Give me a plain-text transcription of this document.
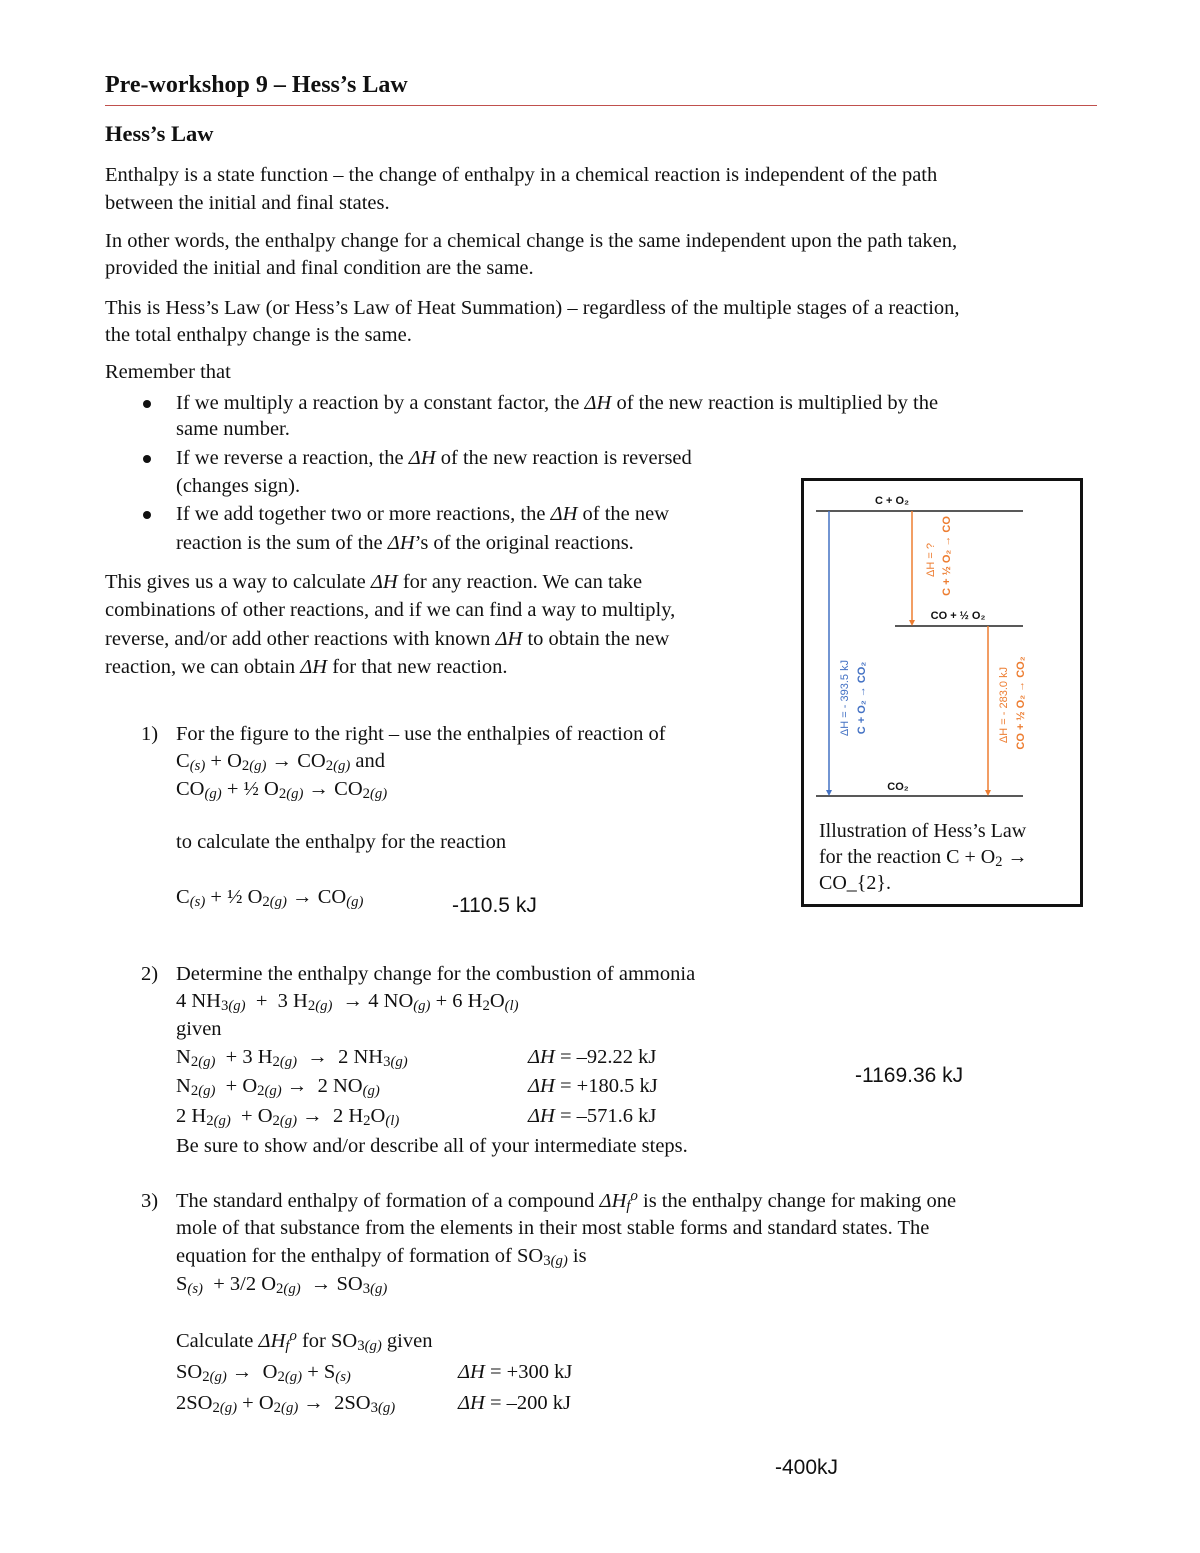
Pre-workshop 9 – Hess’s Law
Hess’s Law
Enthalpy is a state function – the change of enthalpy in a chemical reaction is independent of the path
between the initial and final states.
In other words, the enthalpy change for a chemical change is the same independent upon the path taken,
provided the initial and final condition are the same.
This is Hess’s Law (or Hess’s Law of Heat Summation) – regardless of the multiple stages of a reaction,
the total enthalpy change is the same.
Remember that
If we multiply a reaction by a constant factor, the ΔH of the new reaction is multiplied by the
same number.
If we reverse a reaction, the ΔH of the new reaction is reversed
(changes sign).
If we add together two or more reactions, the ΔH of the new
reaction is the sum of the ΔH’s of the original reactions.
This gives us a way to calculate ΔH for any reaction. We can take
combinations of other reactions, and if we can find a way to multiply,
reverse, and/or add other reactions with known ΔH to obtain the new
reaction, we can obtain ΔH for that new reaction.
1) For the figure to the right – use the enthalpies of reaction of
$C_{(s)} + O_{2(g)} \to CO_{2(g)}$ and
$CO_{(g)}$ + ½ $O_{2(g)} \to CO_{2(g)}$
to calculate the enthalpy for the reaction
$C_{(s)}$ + ½ $O_{2(g)} \to CO_{(g)}$	-110.5 kJ
2) Determine the enthalpy change for the combustion of ammonia
4 $NH_{3(g)} + 3$ $H_{2(g)} \to 4$ $NO_{(g)} + 6$ $H_2O_{(l)}$
given
$N_{2(g)} + 3$ $H_{2(g)} \to 2$ $NH_{3(g)}$	ΔH = –92.22 kJ
$N_{2(g)} + O_{2(g)} \to 2$ $NO_{(g)}$	ΔH = +180.5 kJ
2 $H_{2(g)} + O_{2(g)} \to 2$ $H_2O_{(l)}$	ΔH = –571.6 kJ
Be sure to show and/or describe all of your intermediate steps.
-1169.36 kJ
3) The standard enthalpy of formation of a compound $\Delta H_f^o$ is the enthalpy change for making one
mole of that substance from the elements in their most stable forms and standard states. The
equation for the enthalpy of formation of $SO_{3(g)}$ is
$S_{(s)} + 3/2$ $O_{2(g)} \to SO_{3(g)}$
Calculate $\Delta H_f^o$ for $SO_{3(g)}$ given
$SO_{2(g)} \to O_{2(g)} + S_{(s)}$	ΔH = +300 kJ
$2SO_{2(g)} + O_{2(g)} \to 2SO_{3(g)}$	ΔH = –200 kJ
-400kJ
C + O₂
CO + ½ O₂
CO₂
ΔH = - 393.5 kJ C + O₂ → CO₂
ΔH = ? C + ½ O₂ → CO
ΔH = - 283.0 kJ CO + ½ O₂ → CO₂
Illustration of Hess’s Law
for the reaction $C + O_2$ →
CO_{2}.
